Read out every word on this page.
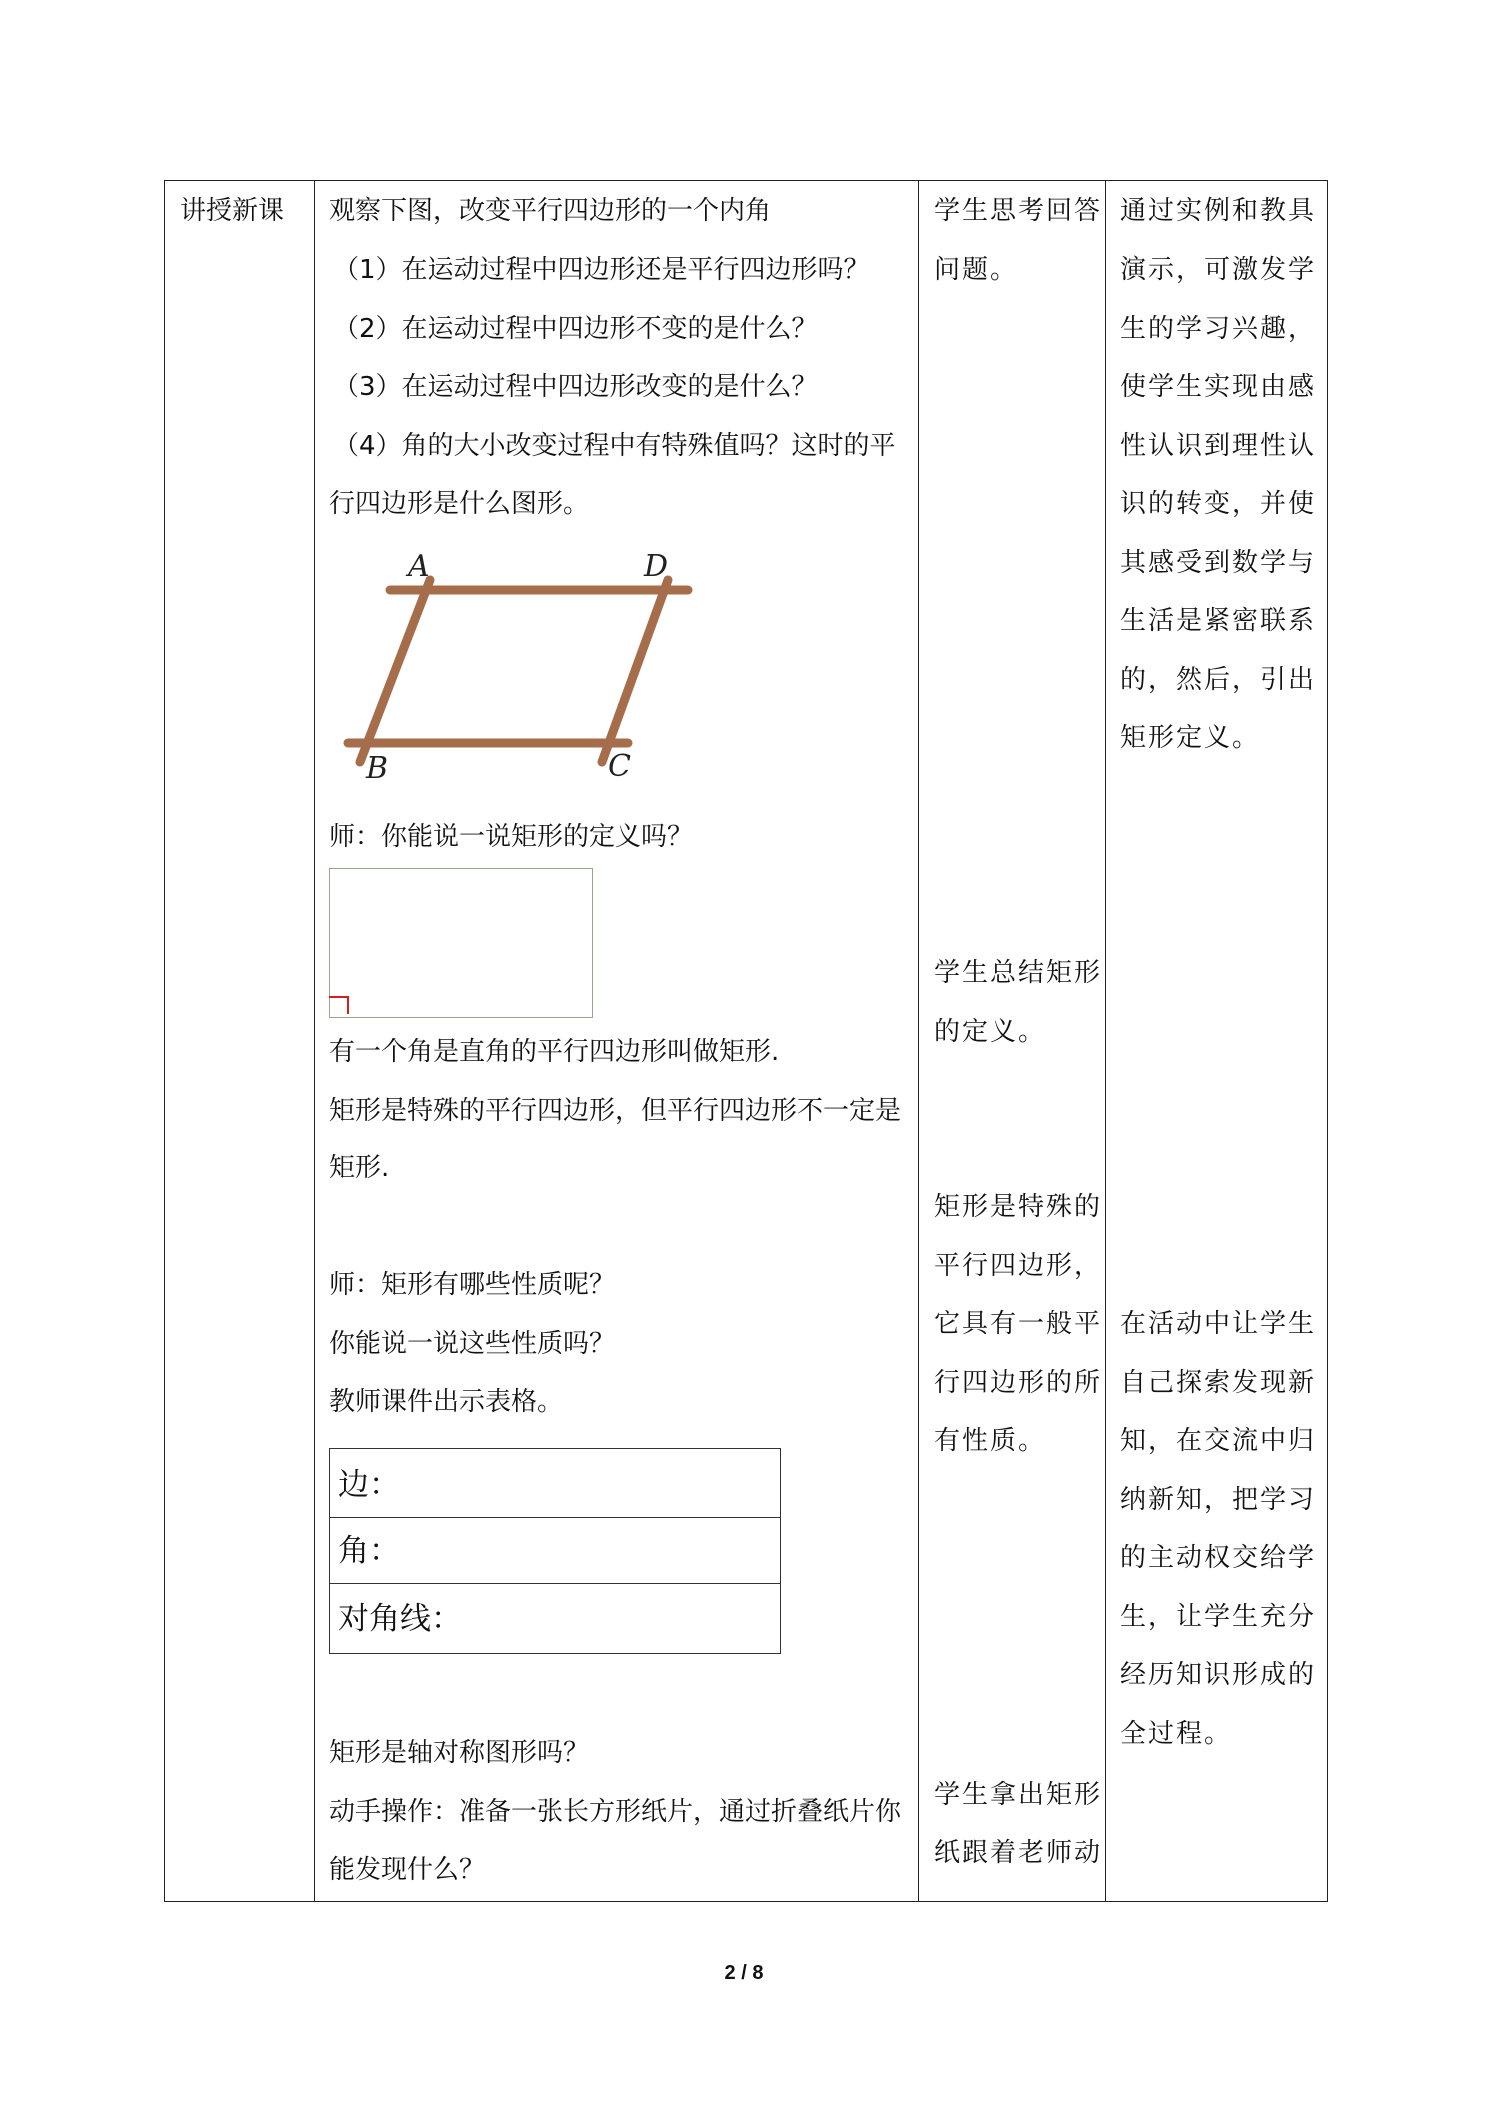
讲授新课 观察下图，改变平行四边形的一个内角
（1）在运动过程中四边形还是平行四边形吗？
（2）在运动过程中四边形不变的是什么？
（3）在运动过程中四边形改变的是什么？
（4）角的大小改变过程中有特殊值吗？这时的平
行四边形是什么图形。
A	D
B	C
师：你能说一说矩形的定义吗？
有一个角是直角的平行四边形叫做矩形.
矩形是特殊的平行四边形，但平行四边形不一定是
矩形.
师：矩形有哪些性质呢？
你能说一说这些性质吗？
教师课件出示表格。
边：
角：
对角线：
矩形是轴对称图形吗？
动手操作：准备一张长方形纸片，通过折叠纸片你
能发现什么？
学生思考回答
问题。
学生总结矩形
的定义。
矩形是特殊的
平行四边形，
它具有一般平
行四边形的所
有性质。
学生拿出矩形
纸跟着老师动
通过实例和教具
演示，可激发学
生的学习兴趣，
使学生实现由感
性认识到理性认
识的转变，并使
其感受到数学与
生活是紧密联系
的，然后，引出
矩形定义。
在活动中让学生
自己探索发现新
知，在交流中归
纳新知，把学习
的主动权交给学
生，让学生充分
经历知识形成的
全过程。
2 / 8
